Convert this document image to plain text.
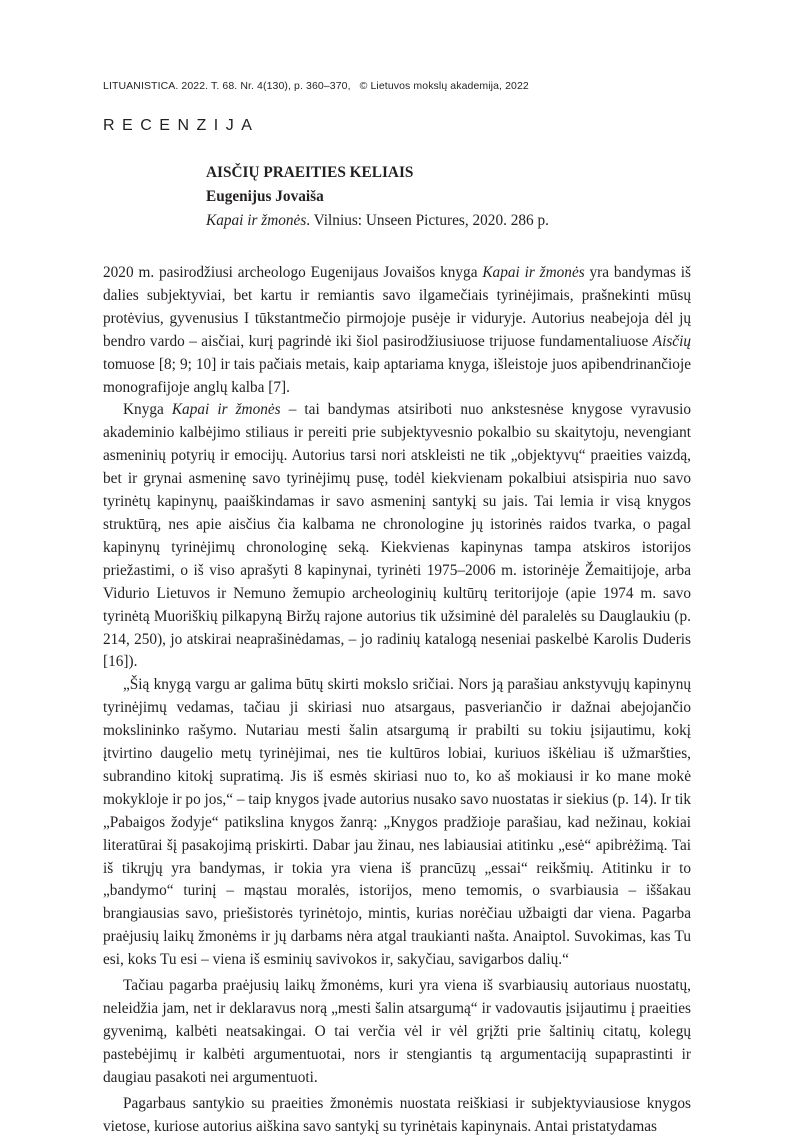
LITUANISTICA. 2022. T. 68. Nr. 4(130), p. 360–370, © Lietuvos mokslų akademija, 2022
RECENZIJA
AISČIŲ PRAEITIES KELIAIS
Eugenijus Jovaiša
Kapai ir žmonės. Vilnius: Unseen Pictures, 2020. 286 p.

2020 m. pasirodžiusi archeologo Eugenijaus Jovaišos knyga Kapai ir žmonės yra bandymas iš dalies subjektyviai, bet kartu ir remiantis savo ilgamečiais tyrinėjimais, prašnekinti mūsų protėvius, gyvenusius I tūkstantmečio pirmojoje pusėje ir viduryje. Autorius neabejoja dėl jų bendro vardo – aisčiai, kurį pagrindė iki šiol pasirodžiusiuose trijuose fundamentaliuose Aisčių tomuose [8; 9; 10] ir tais pačiais metais, kaip aptariama knyga, išleistoje juos apibendrinančioje monografijoje anglų kalba [7].

Knyga Kapai ir žmonės – tai bandymas atsiriboti nuo ankstesnėse knygose vyravusio akademinio kalbėjimo stiliaus ir pereiti prie subjektyvesnio pokalbio su skaitytoju, nevengiant asmeninių potyrių ir emocijų. Autorius tarsi nori atskleisti ne tik „objektyvų“ praeities vaizdą, bet ir grynai asmeninę savo tyrinėjimų pusę, todėl kiekvienam pokalbiui atsispiria nuo savo tyrinėtų kapinynų, paaiškindamas ir savo asmeninį santykį su jais. Tai lemia ir visą knygos struktūrą, nes apie aisčius čia kalbama ne chronologine jų istorinės raidos tvarka, o pagal kapinynų tyrinėjimų chronologinę seką. Kiekvienas kapinynas tampa atskiros istorijos priežastimi, o iš viso aprašyti 8 kapinynai, tyrinėti 1975–2006 m. istorinėje Žemaitijoje, arba Vidurio Lietuvos ir Nemuno žemupio archeologinių kultūrų teritorijoje (apie 1974 m. savo tyrinėtą Muoriškių pilkapyną Biržų rajone autorius tik užsiminė dėl paralelės su Dauglaukiu (p. 214, 250), jo atskirai neaprašinėdamas, – jo radinių katalogą neseniai paskelbė Karolis Duderis [16]).

„Šią knygą vargu ar galima būtų skirti mokslo sričiai. Nors ją parašiau ankstyvųjų kapinynų tyrinėjimų vedamas, tačiau ji skiriasi nuo atsargaus, pasveriančio ir dažnai abejojančio mokslininko rašymo. Nutariau mesti šalin atsargumą ir prabilti su tokiu įsijautimu, kokį įtvirtino daugelio metų tyrinėjimai, nes tie kultūros lobiai, kuriuos iškėliau iš užmaršties, subrandino kitokį supratimą. Jis iš esmės skiriasi nuo to, ko aš mokiausi ir ko mane mokė mokykloje ir po jos,“ – taip knygos įvade autorius nusako savo nuostatas ir siekius (p. 14). Ir tik „Pabaigos žodyje“ patikslina knygos žanrą: „Knygos pradžioje parašiau, kad nežinau, kokiai literatūrai šį pasakojimą priskirti. Dabar jau žinau, nes labiausiai atitinku „esė“ apibrėžimą. Tai iš tikrųjų yra bandymas, ir tokia yra viena iš prancūzų „essai“ reikšmių. Atitinku ir to „bandymo“ turinį – mąstau moralės, istorijos, meno temomis, o svarbiausia – iššakau brangiausias savo, priešistorės tyrinėtojo, mintis, kurias norėčiau užbaigti dar viena. Pagarba praėjusių laikų žmonėms ir jų darbams nėra atgal traukianti našta. Anaiptol. Suvokimas, kas Tu esi, koks Tu esi – viena iš esminių savivokos ir, sakyčiau, savigarbos dalių.“

Tačiau pagarba praėjusių laikų žmonėms, kuri yra viena iš svarbiausių autoriaus nuostatų, neleidžia jam, net ir deklaravus norą „mesti šalin atsargumą“ ir vadovautis įsijautimu į praeities gyvenimą, kalbėti neatsakingai. O tai verčia vėl ir vėl grįžti prie šaltinių citatų, kolegų pastebėjimų ir kalbėti argumentuotai, nors ir stengiantis tą argumentaciją supaprastinti ir daugiau pasakoti nei argumentuoti.

Pagarbaus santykio su praeities žmonėmis nuostata reiškiasi ir subjektyviausiose knygos vietose, kuriose autorius aiškina savo santykį su tyrinėtais kapinynais. Antai pristatydamas
